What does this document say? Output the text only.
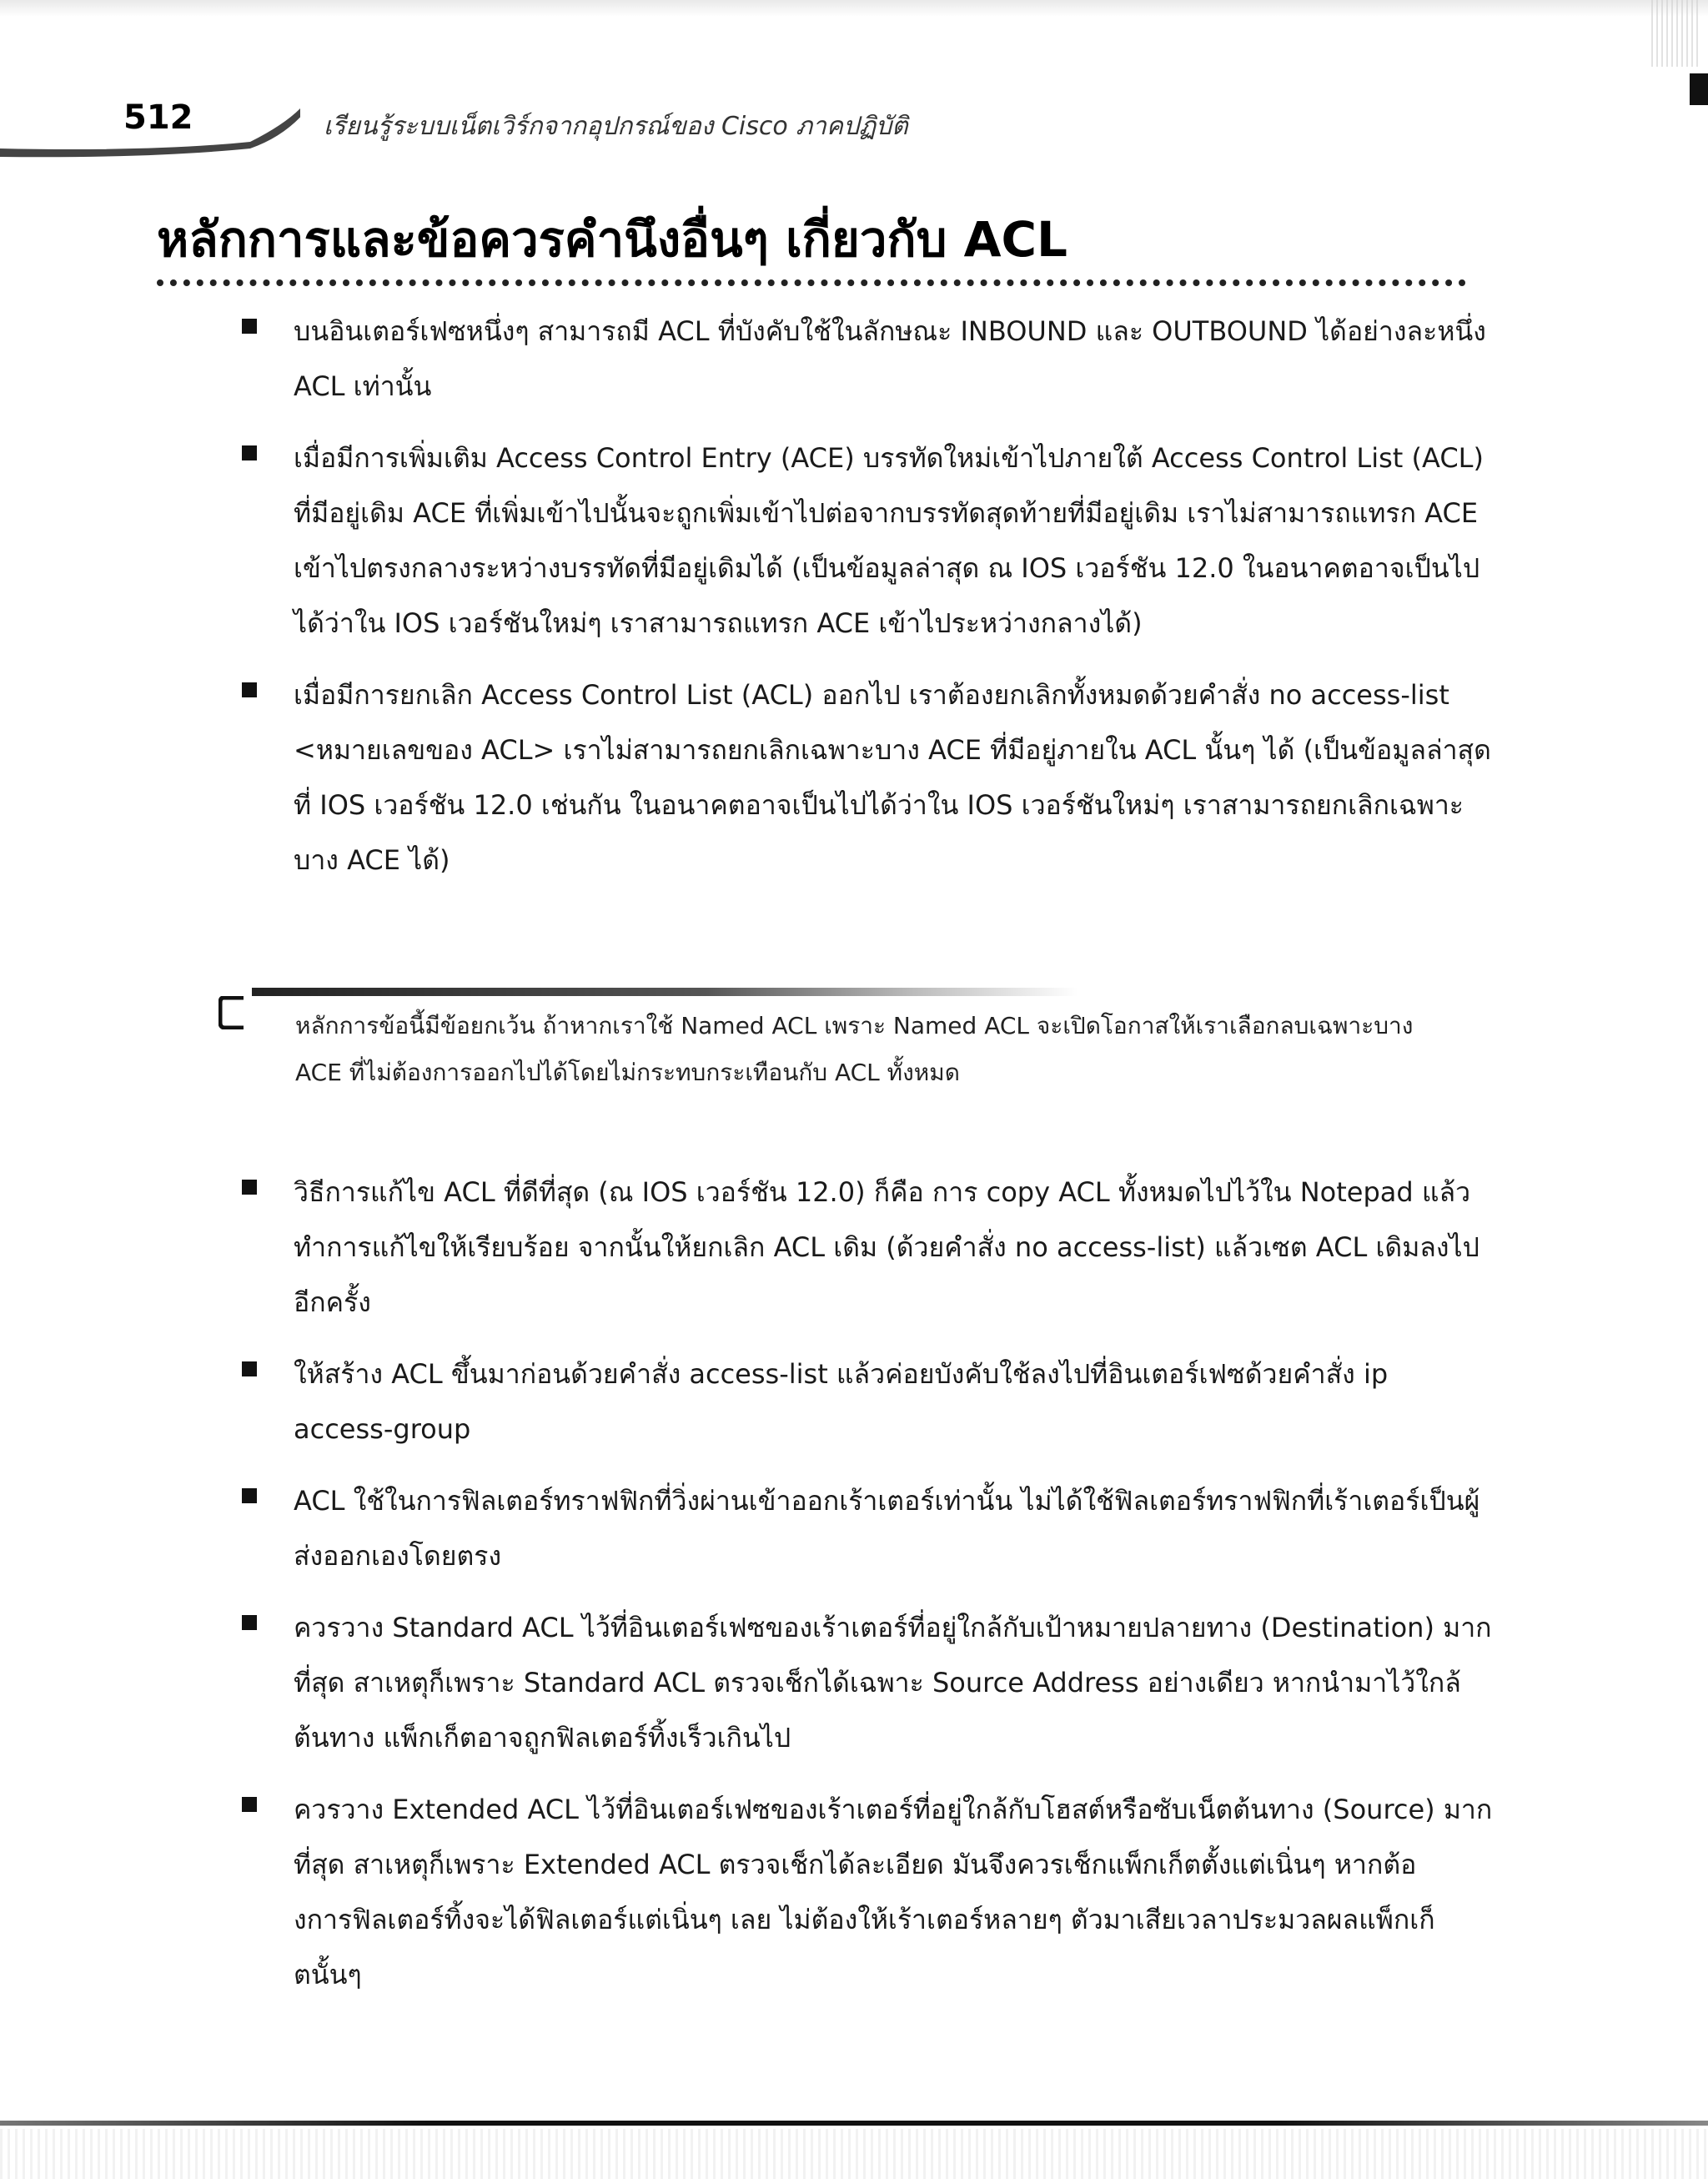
512	เรียนรู้ระบบเน็ตเวิร์กจากอุปกรณ์ของ Cisco ภาคปฏิบัติ
หลักการและข้อควรคำนึงอื่นๆ เกี่ยวกับ ACL
บนอินเตอร์เฟซหนึ่งๆ สามารถมี ACL ที่บังคับใช้ในลักษณะ INBOUND และ OUTBOUND ได้อย่างละหนึ่ง ACL เท่านั้น
เมื่อมีการเพิ่มเติม Access Control Entry (ACE) บรรทัดใหม่เข้าไปภายใต้ Access Control List (ACL) ที่มีอยู่เดิม ACE ที่เพิ่มเข้าไปนั้นจะถูกเพิ่มเข้าไปต่อจากบรรทัดสุดท้ายที่มีอยู่เดิม เราไม่สามารถแทรก ACE เข้าไปตรงกลางระหว่างบรรทัดที่มีอยู่เดิมได้ (เป็นข้อมูลล่าสุด ณ IOS เวอร์ชัน 12.0 ในอนาคตอาจเป็นไปได้ว่าใน IOS เวอร์ชันใหม่ๆ เราสามารถแทรก ACE เข้าไประหว่างกลางได้)
เมื่อมีการยกเลิก Access Control List (ACL) ออกไป เราต้องยกเลิกทั้งหมดด้วยคำสั่ง no access-list <หมายเลขของ ACL> เราไม่สามารถยกเลิกเฉพาะบาง ACE ที่มีอยู่ภายใน ACL นั้นๆ ได้ (เป็นข้อมูลล่าสุดที่ IOS เวอร์ชัน 12.0 เช่นกัน ในอนาคตอาจเป็นไปได้ว่าใน IOS เวอร์ชันใหม่ๆ เราสามารถยกเลิกเฉพาะบาง ACE ได้)
หลักการข้อนี้มีข้อยกเว้น ถ้าหากเราใช้ Named ACL เพราะ Named ACL จะเปิดโอกาสให้เราเลือกลบเฉพาะบาง ACE ที่ไม่ต้องการออกไปได้โดยไม่กระทบกระเทือนกับ ACL ทั้งหมด
วิธีการแก้ไข ACL ที่ดีที่สุด (ณ IOS เวอร์ชัน 12.0) ก็คือ การ copy ACL ทั้งหมดไปไว้ใน Notepad แล้วทำการแก้ไขให้เรียบร้อย จากนั้นให้ยกเลิก ACL เดิม (ด้วยคำสั่ง no access-list) แล้วเซต ACL เดิมลงไปอีกครั้ง
ให้สร้าง ACL ขึ้นมาก่อนด้วยคำสั่ง access-list แล้วค่อยบังคับใช้ลงไปที่อินเตอร์เฟซด้วยคำสั่ง ip access-group
ACL ใช้ในการฟิลเตอร์ทราฟฟิกที่วิ่งผ่านเข้าออกเร้าเตอร์เท่านั้น ไม่ได้ใช้ฟิลเตอร์ทราฟฟิกที่เร้าเตอร์เป็นผู้ส่งออกเองโดยตรง
ควรวาง Standard ACL ไว้ที่อินเตอร์เฟซของเร้าเตอร์ที่อยู่ใกล้กับเป้าหมายปลายทาง (Destination) มากที่สุด สาเหตุก็เพราะ Standard ACL ตรวจเช็กได้เฉพาะ Source Address อย่างเดียว หากนำมาไว้ใกล้ต้นทาง แพ็กเก็ตอาจถูกฟิลเตอร์ทิ้งเร็วเกินไป
ควรวาง Extended ACL ไว้ที่อินเตอร์เฟซของเร้าเตอร์ที่อยู่ใกล้กับโฮสต์หรือซับเน็ตต้นทาง (Source) มากที่สุด สาเหตุก็เพราะ Extended ACL ตรวจเช็กได้ละเอียด มันจึงควรเช็กแพ็กเก็ตตั้งแต่เนิ่นๆ หากต้องการฟิลเตอร์ทิ้งจะได้ฟิลเตอร์แต่เนิ่นๆ เลย ไม่ต้องให้เร้าเตอร์หลายๆ ตัวมาเสียเวลาประมวลผลแพ็กเก็ตนั้นๆ
